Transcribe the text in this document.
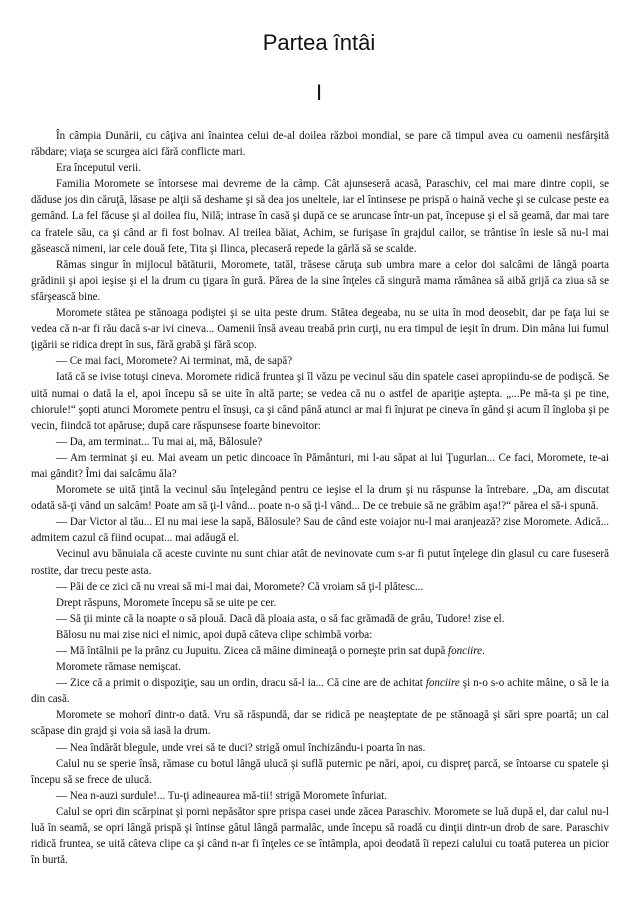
Partea întâi
I

În câmpia Dunării, cu câţiva ani înaintea celui de-al doilea război mondial, se pare că timpul avea cu oamenii nesfârşită răbdare; viaţa se scurgea aici fără conflicte mari.

Era începutul verii.

Familia Moromete se întorsese mai devreme de la câmp. Cât ajunseseră acasă, Paraschiv, cel mai mare dintre copii, se dăduse jos din căruţă, lăsase pe alţii să deshame şi să dea jos uneltele, iar el întinsese pe prispă o haină veche şi se culcase peste ea gemând. La fel făcuse şi al doilea fiu, Nilă; intrase în casă şi după ce se aruncase într-un pat, începuse şi el să geamă, dar mai tare ca fratele său, ca şi când ar fi fost bolnav. Al treilea băiat, Achim, se furişase în grajdul cailor, se trântise în iesle să nu-l mai găsească nimeni, iar cele două fete, Tita şi Ilinca, plecaseră repede la gârlă să se scalde.

Rămas singur în mijlocul bătăturii, Moromete, tatăl, trăsese căruţa sub umbra mare a celor doi salcâmi de lângă poarta grădinii şi apoi ieşise şi el la drum cu ţigara în gură. Părea de la sine înţeles că singură mama rămânea să aibă grijă ca ziua să se sfârşească bine.

Moromete stătea pe stănoaga podiştei şi se uita peste drum. Stătea degeaba, nu se uita în mod deosebit, dar pe faţa lui se vedea că n-ar fi rău dacă s-ar ivi cineva... Oamenii însă aveau treabă prin curţi, nu era timpul de ieşit în drum. Din mâna lui fumul ţigării se ridica drept în sus, fără grabă şi fără scop.

— Ce mai faci, Moromete? Ai terminat, mă, de sapă?

Iată că se ivise totuşi cineva. Moromete ridică fruntea şi îl văzu pe vecinul său din spatele casei apropiindu-se de podişcă. Se uită numai o dată la el, apoi începu să se uite în altă parte; se vedea că nu o astfel de apariţie aştepta. „...Pe mă-ta şi pe tine, chiorule!“ şopti atunci Moromete pentru el însuşi, ca şi când până atunci ar mai fi înjurat pe cineva în gând şi acum îl îngloba şi pe vecin, fiindcă tot apăruse; după care răspunsese foarte binevoitor:

— Da, am terminat... Tu mai ai, mă, Bălosule?

— Am terminat şi eu. Mai aveam un petic dincoace în Pământuri, mi l-au săpat ai lui Ţugurlan... Ce faci, Moromete, te-ai mai gândit? Îmi dai salcâmu ăla?

Moromete se uită ţintă la vecinul său înţelegând pentru ce ieşise el la drum şi nu răspunse la întrebare. „Da, am discutat odată să-ţi vând un salcâm! Poate am să ţi-l vând... poate n-o să ţi-l vând... De ce trebuie să ne grăbim aşa!?“ părea el să-i spună.

— Dar Victor al tău... El nu mai iese la sapă, Bălosule? Sau de când este voiajor nu-l mai aranjează? zise Moromete. Adică... admitem cazul că fiind ocupat... mai adăugă el.

Vecinul avu bănuiala că aceste cuvinte nu sunt chiar atât de nevinovate cum s-ar fi putut înţelege din glasul cu care fuseseră rostite, dar trecu peste asta.

— Păi de ce zici că nu vreai să mi-l mai dai, Moromete? Că vroiam să ţi-l plătesc...

Drept răspuns, Moromete începu să se uite pe cer.

— Să ţii minte că la noapte o să plouă. Dacă dă ploaia asta, o să fac grămadă de grâu, Tudore! zise el.

Bălosu nu mai zise nici el nimic, apoi după câteva clipe schimbă vorba:

— Mă întâlnii pe la prânz cu Jupuitu. Zicea că mâine dimineaţă o porneşte prin sat după fonciire.

Moromete rămase nemişcat.

— Zice că a primit o dispoziţie, sau un ordin, dracu să-l ia... Că cine are de achitat fonciire şi n-o s-o achite mâine, o să le ia din casă.

Moromete se mohorî dintr-o dată. Vru să răspundă, dar se ridică pe neaşteptate de pe stănoagă şi sări spre poartă; un cal scăpase din grajd şi voia să iasă la drum.

— Nea îndărăt blegule, unde vrei să te duci? strigă omul închizându-i poarta în nas.

Calul nu se sperie însă, rămase cu botul lângă ulucă şi suflă puternic pe nări, apoi, cu dispreţ parcă, se întoarse cu spatele şi începu să se frece de ulucă.

— Nea n-auzi surdule!... Tu-ţi adineaurea mă-tii! strigă Moromete înfuriat.

Calul se opri din scărpinat şi porni nepăsător spre prispa casei unde zăcea Paraschiv. Moromete se luă după el, dar calul nu-l luă în seamă, se opri lângă prispă şi întinse gâtul lângă parmalâc, unde începu să roadă cu dinţii dintr-un drob de sare. Paraschiv ridică fruntea, se uită câteva clipe ca şi când n-ar fi înţeles ce se întâmpla, apoi deodată îi repezi calului cu toată puterea un picior în burtă.
